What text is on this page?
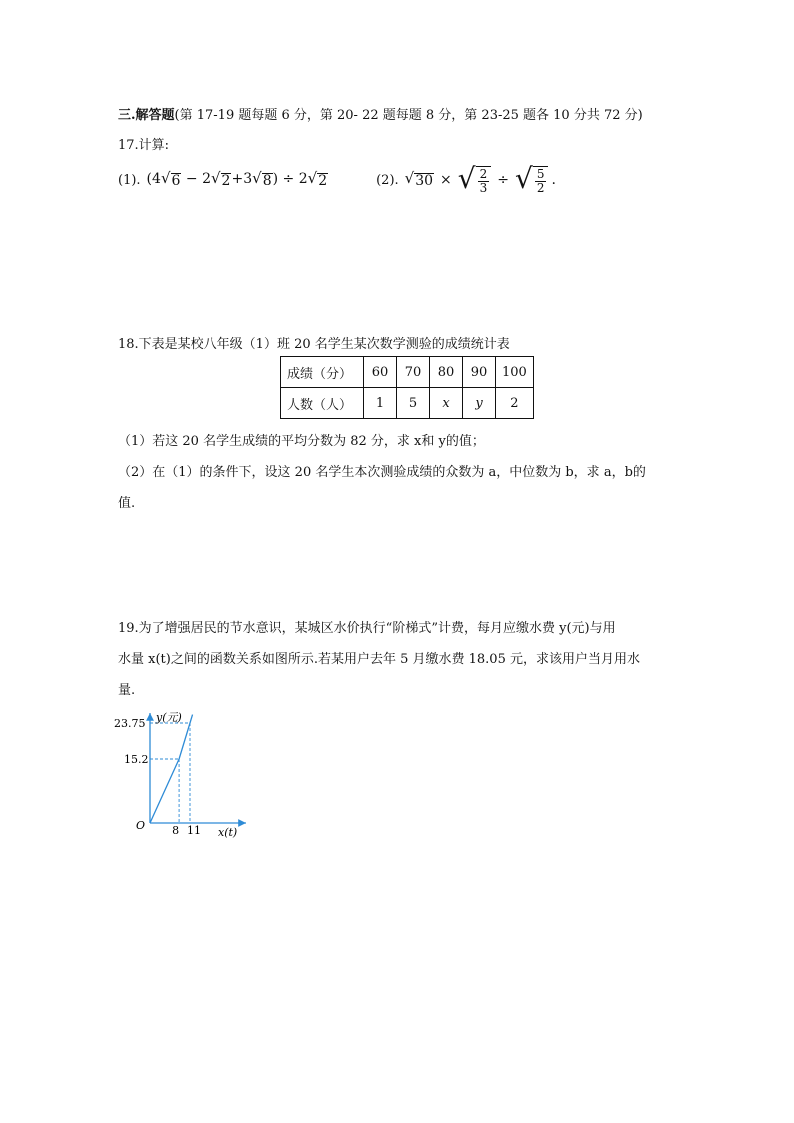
三.解答题(第 17-19 题每题 6 分，第 20- 22 题每题 8 分，第 23-25 题各 10 分共 72 分)
17.计算:
(1). (4 √ 6 − 2 √ 2 +3 √ 8 ) ÷ 2 √ 2	(2). √ 30 × √ $\frac{2}{3}$ ÷ √ $\frac{5}{2}$ .
18.下表是某校八年级（1）班 20 名学生某次数学测验的成绩统计表
成绩（分）	60	70	80	90	100
人数（人）	1	5	x	y	2
（1）若这 20 名学生成绩的平均分数为 82 分，求 x和 y的值；
（2）在（1）的条件下，设这 20 名学生本次测验成绩的众数为 a，中位数为 b，求 a，b的
值.
19.为了增强居民的节水意识，某城区水价执行“阶梯式”计费，每月应缴水费 y(元)与用
水量 x(t)之间的函数关系如图所示.若某用户去年 5 月缴水费 18.05 元，求该用户当月用水
量.
y(元)
x(t)
O
23.75
15.2
8 11
